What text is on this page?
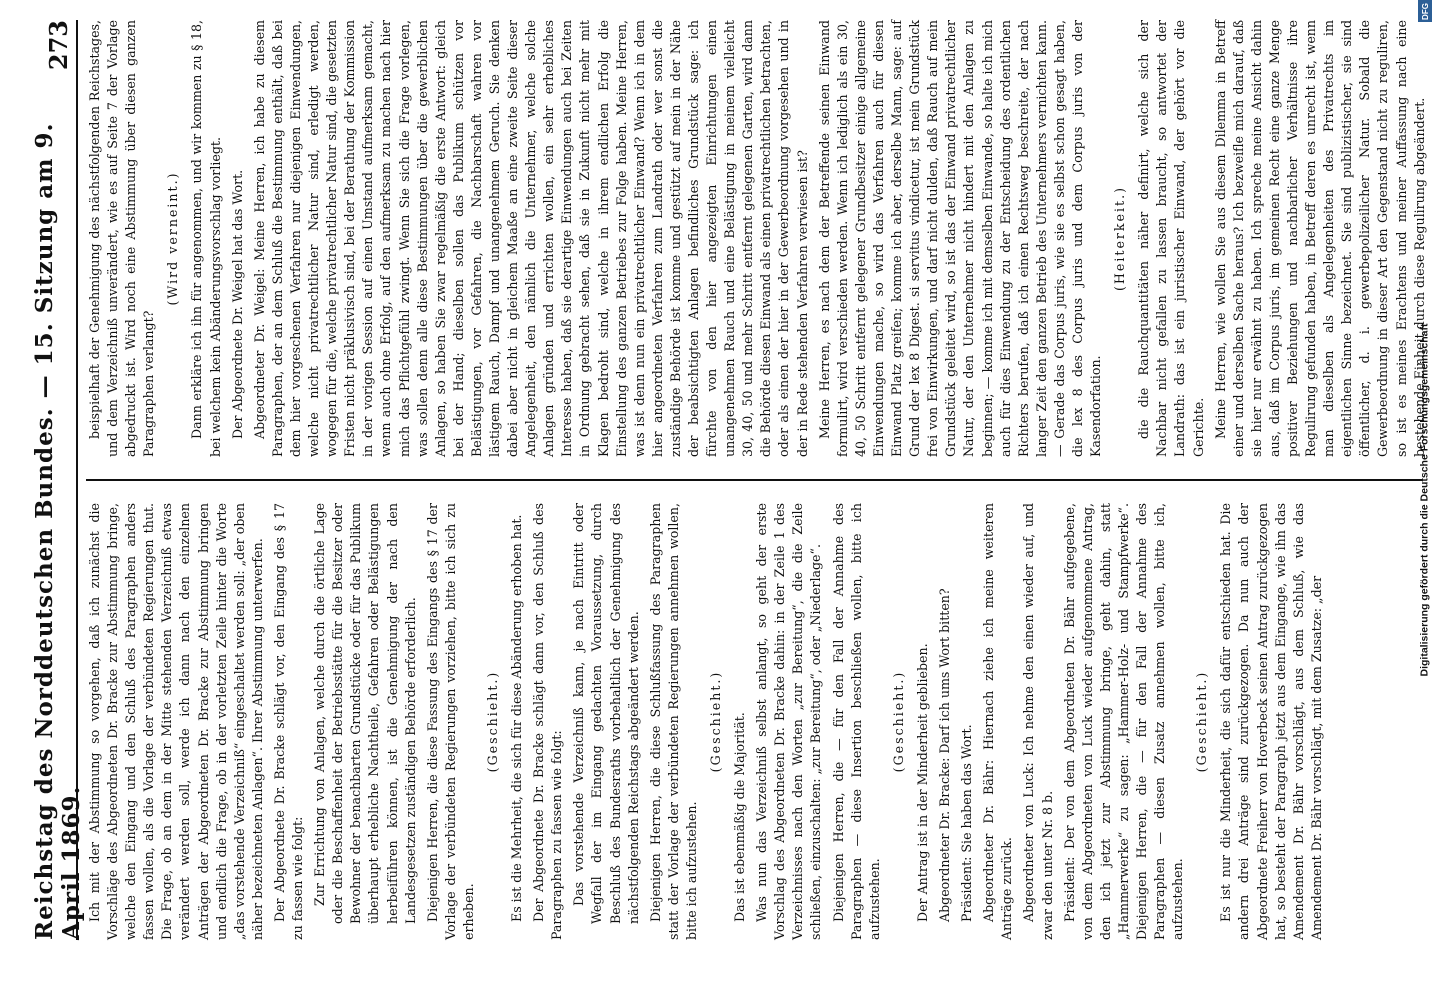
Reichstag des Norddeutschen Bundes. — 15. Sitzung am 9. April 1869.
273

Ich mit der Abstimmung so vorgehen, daß ich zunächst die Vorschläge des Abgeordneten Dr. Bracke zur Abstimmung bringe, welche den Eingang und den Schluß des Paragraphen anders fassen wollen, als die Vorlage der verbündeten Regierungen thut. Die Frage, ob an dem in der Mitte stehenden Verzeichniß etwas verändert werden soll, werde ich dann nach den einzelnen Anträgen der Abgeordneten Dr. Bracke zur Abstimmung bringen und endlich die Frage, ob in der vorletzten Zeile hinter die Worte „das vorstehende Verzeichniß“ eingeschaltet werden soll: „der oben näher bezeichneten Anlagen“. Ihrer Abstimmung unterwerfen. Der Abgeordnete Dr. Bracke schlägt vor, den Eingang des § 17 zu fassen wie folgt: Zur Errichtung von Anlagen, welche durch die örtliche Lage oder die Beschaffenheit der Betriebsstätte für die Besitzer oder Bewohner der benachbarten Grundstücke oder für das Publikum überhaupt erhebliche Nachtheile, Gefahren oder Belästigungen herbeiführen können, ist die Genehmigung der nach den Landesgesetzen zuständigen Behörde erforderlich. Diejenigen Herren, die diese Fassung des Eingangs des § 17 der Vorlage der verbündeten Regierungen vorziehen, bitte ich sich zu erheben.

(Geschieht.) Es ist die Mehrheit, die sich für diese Abänderung erhoben hat. Der Abgeordnete Dr. Bracke schlägt dann vor, den Schluß des Paragraphen zu fassen wie folgt: Das vorstehende Verzeichniß kann, je nach Eintritt oder Wegfall der im Eingang gedachten Voraussetzung, durch Beschluß des Bundesraths vorbehaltlich der Genehmigung des nächstfolgenden Reichstags abgeändert werden. Diejenigen Herren, die diese Schlußfassung des Paragraphen statt der Vorlage der verbündeten Regierungen annehmen wollen, bitte ich aufzustehen.

(Geschieht.) Das ist ebenmäßig die Majorität. Was nun das Verzeichniß selbst anlangt, so geht der erste Vorschlag des Abgeordneten Dr. Bracke dahin: in der Zeile 1 des Verzeichnisses nach den Worten „zur Bereitung“, die die Zeile schließen, einzuschalten: „zur Bereitung“, oder „Niederlage“. Diejenigen Herren, die — für den Fall der Annahme des Paragraphen — diese Insertion beschließen wollen, bitte ich aufzustehen.

(Geschieht.) Der Antrag ist in der Minderheit geblieben. Abgeordneter Dr. Bracke: Darf ich ums Wort bitten? Präsident: Sie haben das Wort. Abgeordneter Dr. Bähr: Hiernach ziehe ich meine weiteren Anträge zurück. Abgeordneter von Luck: Ich nehme den einen wieder auf, und zwar den unter Nr. 8 b. Präsident: Der von dem Abgeordneten Dr. Bähr aufgegebene, von dem Abgeordneten von Luck wieder aufgenommene Antrag, den ich jetzt zur Abstimmung bringe, geht dahin, statt „Hammerwerke“ zu sagen: „Hammer-Holz- und Stampfwerke“. Diejenigen Herren, die — für den Fall der Annahme des Paragraphen — diesen Zusatz annehmen wollen, bitte ich, aufzustehen.

(Geschieht.) Es ist nur die Minderheit, die sich dafür entschieden hat. Die andern drei Anträge sind zurückgezogen. Da nun auch der Abgeordnete Freiherr von Hoverbeck seinen Antrag zurückgezogen hat, so besteht der Paragraph jetzt aus dem Eingange, wie ihn das Amendement Dr. Bähr vorschlägt, aus dem Schluß, wie das Amendement Dr. Bähr vorschlägt, mit dem Zusatze: „der

beispielhaft der Genehmigung des nächstfolgenden Reichstages, und dem Verzeichniß unverändert, wie es auf Seite 7 der Vorlage abgedruckt ist. Wird noch eine Abstimmung über diesen ganzen Paragraphen verlangt?

(Wird verneint.) Dann erkläre ich ihn für angenommen, und wir kommen zu § 18, bei welchem kein Abänderungsvorschlag vorliegt. Der Abgeordnete Dr. Weigel hat das Wort. Abgeordneter Dr. Weigel: Meine Herren, ich habe zu diesem Paragraphen, der an dem Schluß die Bestimmung enthält, daß bei dem hier vorgeschenen Verfahren nur diejenigen Einwendungen, welche nicht privatrechtlicher Natur sind, erledigt werden, wogegen für die, welche privatrechtlicher Natur sind, die gesetzten Fristen nicht präklusivisch sind, bei der Berathung der Kommission in der vorigen Session auf einen Umstand aufmerksam gemacht, wenn auch ohne Erfolg, auf den aufmerksam zu machen nach hier mich das Pflichtgefühl zwingt. Wenn Sie sich die Frage vorlegen, was sollen denn alle diese Bestimmungen über die gewerblichen Anlagen, so haben Sie zwar regelmäßig die erste Antwort: gleich bei der Hand; dieselben sollen das Publikum schützen vor Belästigungen, vor Gefahren, die Nachbarschaft wahren vor lästigem Rauch, Dampf und unangenehmem Geruch. Sie denken dabei aber nicht in gleichem Maaße an eine zweite Seite dieser Angelegenheit, den nämlich die Unternehmer, welche solche Anlagen gründen und errichten wollen, ein sehr erhebliches Interesse haben, daß sie derartige Einwendungen auch bei Zeiten in Ordnung gebracht sehen, daß sie in Zukunft nicht mehr mit Klagen bedroht sind, welche in ihrem endlichen Erfolg die Einstellung des ganzen Betriebes zur Folge haben. Meine Herren, was ist denn nun ein privatrechtlicher Einwand? Wenn ich in dem hier angeordneten Verfahren zum Landrath oder wer sonst die zuständige Behörde ist komme und gestützt auf mein in der Nähe der beabsichtigten Anlagen befindliches Grundstück sage: ich fürchte von den hier angezeigten Einrichtungen einen unangenehmen Rauch und eine Belästigung in meinem vielleicht 30, 40, 50 und mehr Schritt entfernt gelegenen Garten, wird dann die Behörde diesen Einwand als einen privatrechtlichen betrachten, oder als einen der hier in der Gewerbeordnung vorgesehen und in der in Rede stehenden Verfahren verwiesen ist? Meine Herren, es nach dem der Betreffende seinen Einwand formulirt, wird verschieden werden. Wenn ich lediglich als ein 30, 40, 50 Schritt entfernt gelegener Grundbesitzer einige allgemeine Einwendungen mache, so wird das Verfahren auch für diesen Einwand Platz greifen; komme ich aber, derselbe Mann, sage: auf Grund der lex 8 Digest. si servitus vindicetur, ist mein Grundstück frei von Einwirkungen, und darf nicht dulden, daß Rauch auf mein Grundstück geleitet wird, so ist das der Einwand privatrechtlicher Natur, der den Unternehmer nicht hindert mit den Anlagen zu beginnen; — komme ich mit demselben Einwande, so halte ich mich auch für dies Einwendung zu der Entscheidung des ordentlichen Richters berufen, daß ich einen Rechtsweg beschreite, der nach langer Zeit den ganzen Betrieb des Unternehmers vernichten kann. — Gerade das Corpus juris, wie sie es selbst schon gesagt haben, die lex 8 des Corpus juris und dem Corpus juris von der Kasendorfation.

(Heiterkeit.) die die Rauchquantitäten näher definirt, welche sich der Nachbar nicht gefallen zu lassen braucht, so antwortet der Landrath: das ist ein juristischer Einwand, der gehört vor die Gerichte. Meine Herren, wie wollen Sie aus diesem Dilemma in Betreff einer und derselben Sache heraus? Ich bezweifle mich darauf, daß sie hier nur erwähnt zu haben. Ich spreche meine Ansicht dahin aus, daß im Corpus juris, im gemeinen Recht eine ganze Menge positiver Beziehungen und nachbarlicher Verhältnisse ihre Regulirung gefunden haben, in Betreff deren es unrecht ist, wenn man dieselben als Angelegenheiten des Privatrechts im eigentlichen Sinne bezeichnet. Sie sind publizistischer, sie sind öffentlicher, d. i. gewerbepolizeilicher Natur. Sobald die Gewerbeordnung in dieser Art den Gegenstand nicht zu reguliren, so ist es meines Erachtens und meiner Auffassung nach eine bestehende Einheit durch diese Regulirung abgeändert.

Digitalisierung gefördert durch die Deutsche Forschungsgemeinschaft
DFG
